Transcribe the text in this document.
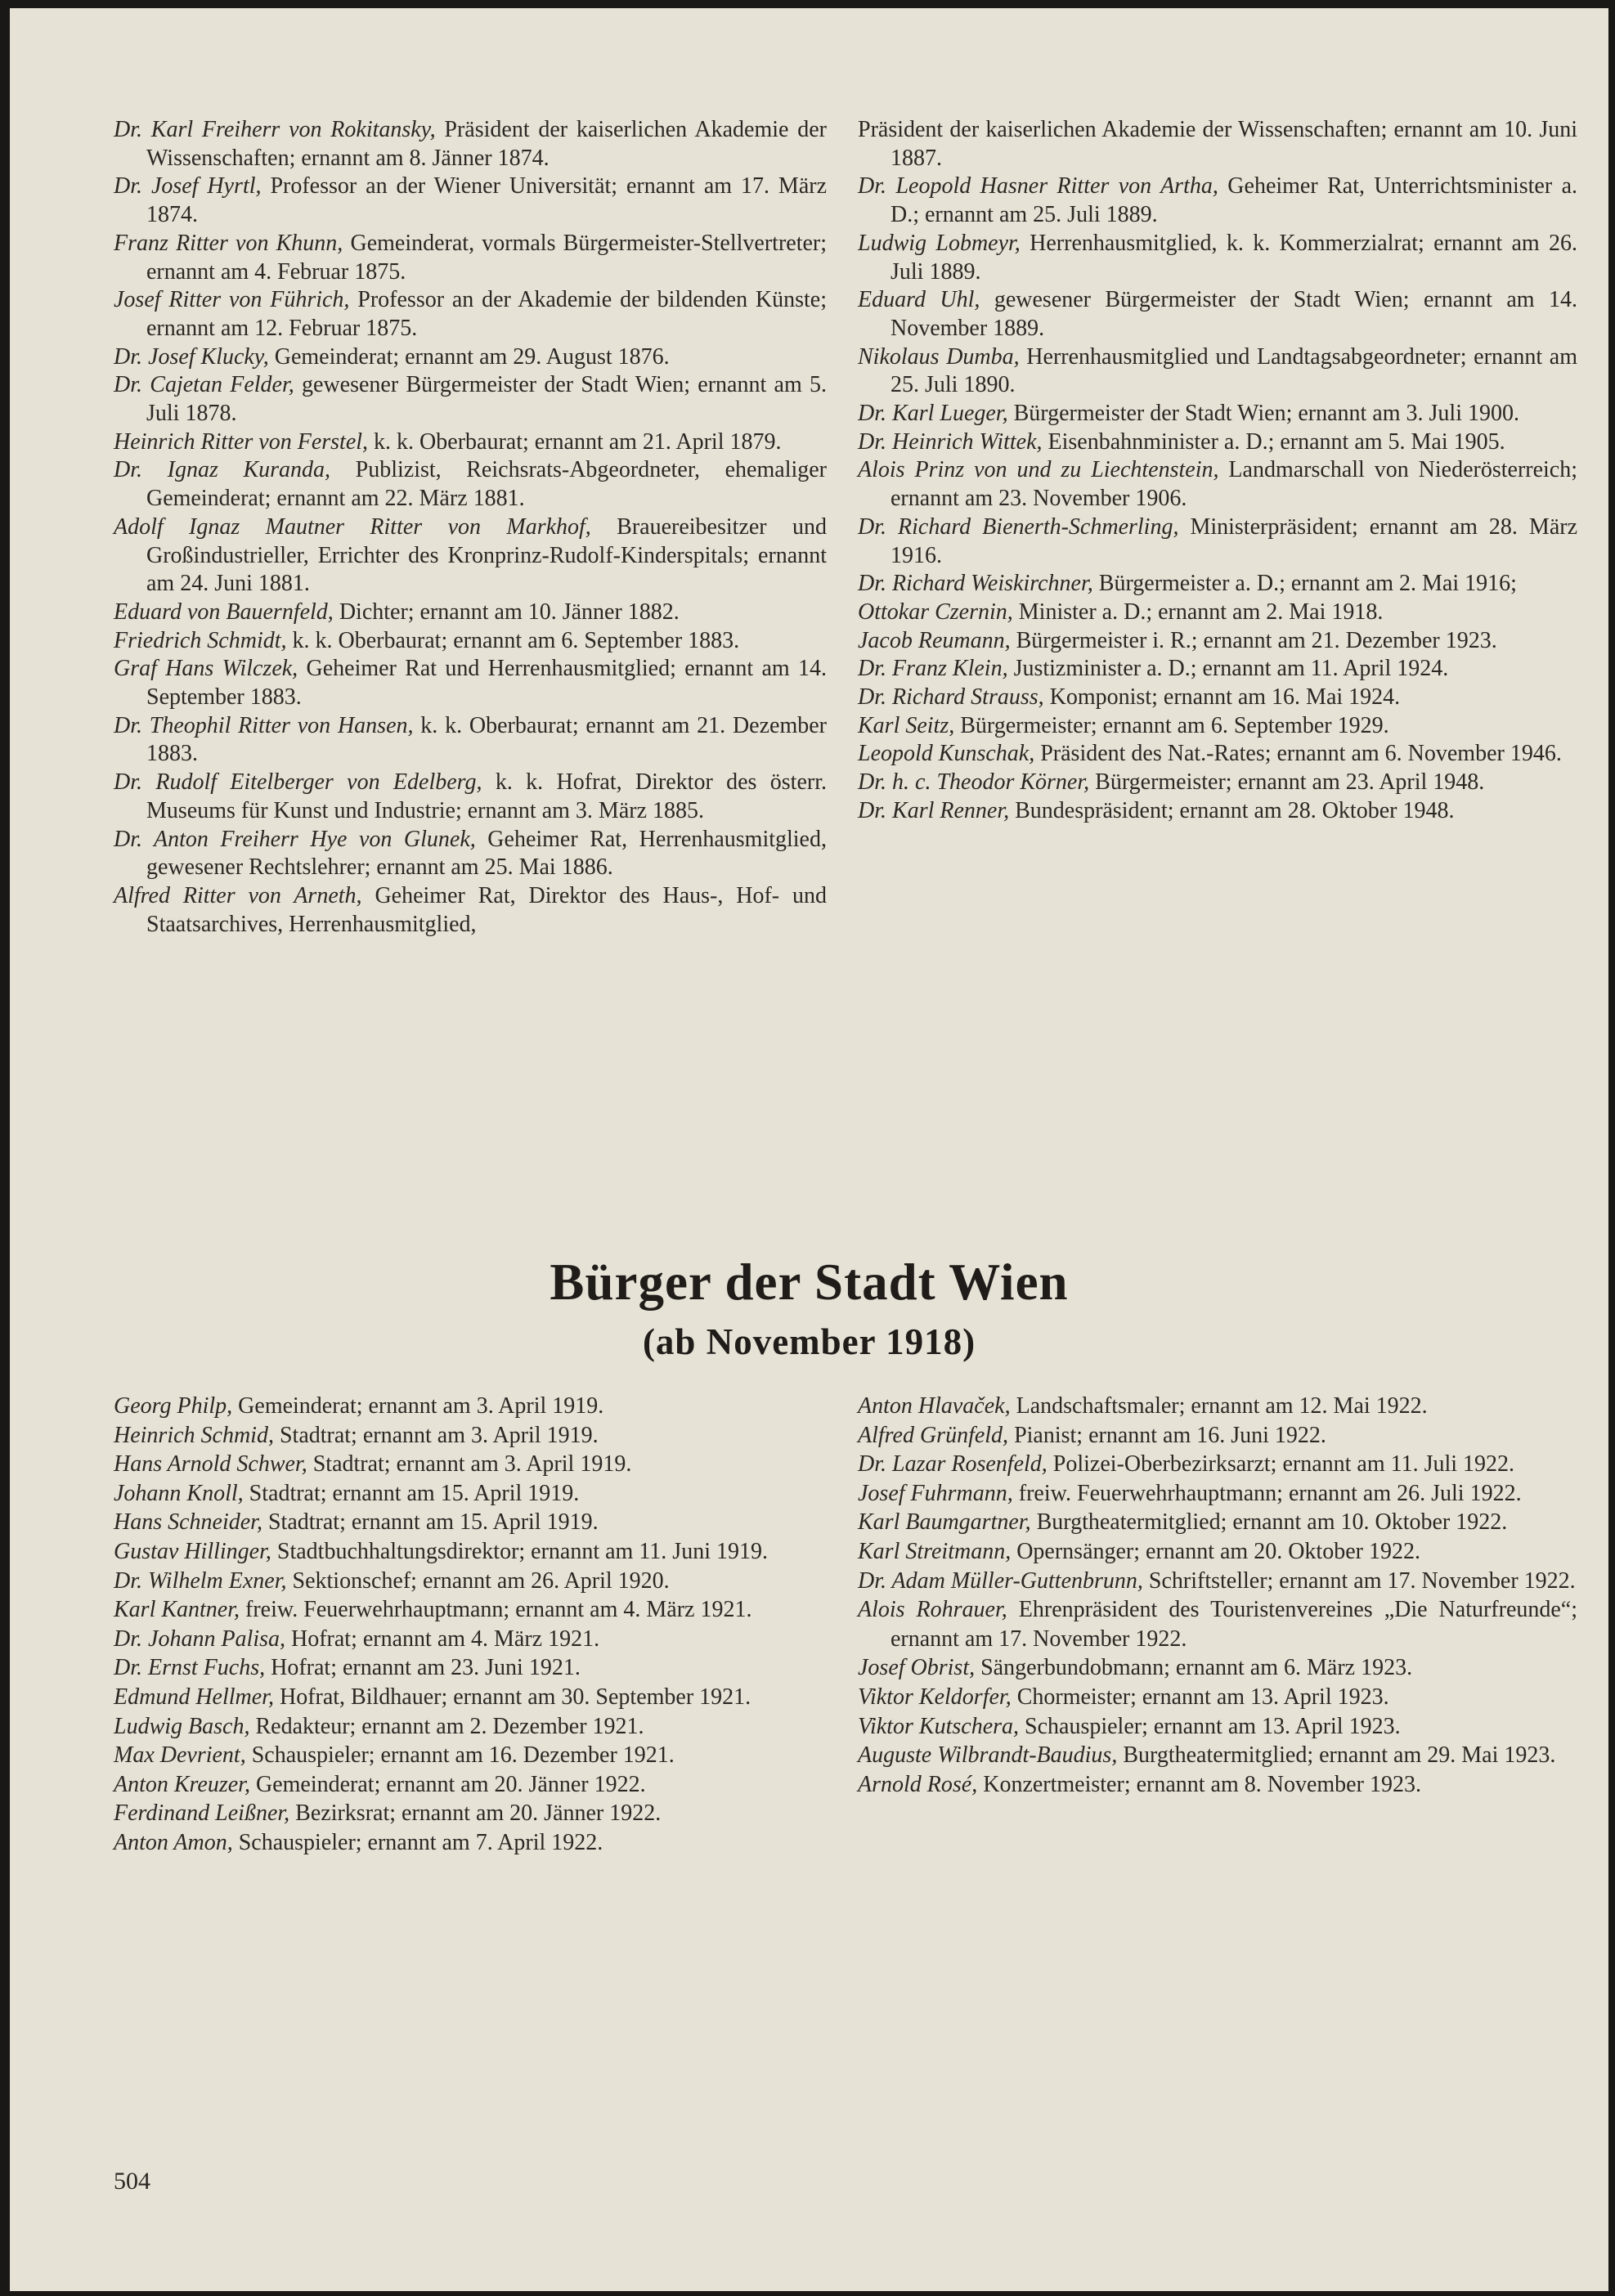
Dr. Karl Freiherr von Rokitansky, Präsident der kaiserlichen Akademie der Wissenschaften; ernannt am 8. Jänner 1874.
Dr. Josef Hyrtl, Professor an der Wiener Universität; ernannt am 17. März 1874.
Franz Ritter von Khunn, Gemeinderat, vormals Bürgermeister-Stellvertreter; ernannt am 4. Februar 1875.
Josef Ritter von Führich, Professor an der Akademie der bildenden Künste; ernannt am 12. Februar 1875.
Dr. Josef Klucky, Gemeinderat; ernannt am 29. August 1876.
Dr. Cajetan Felder, gewesener Bürgermeister der Stadt Wien; ernannt am 5. Juli 1878.
Heinrich Ritter von Ferstel, k. k. Oberbaurat; ernannt am 21. April 1879.
Dr. Ignaz Kuranda, Publizist, Reichsrats-Abgeordneter, ehemaliger Gemeinderat; ernannt am 22. März 1881.
Adolf Ignaz Mautner Ritter von Markhof, Brauereibesitzer und Großindustrieller, Errichter des Kronprinz-Rudolf-Kinderspitals; ernannt am 24. Juni 1881.
Eduard von Bauernfeld, Dichter; ernannt am 10. Jänner 1882.
Friedrich Schmidt, k. k. Oberbaurat; ernannt am 6. September 1883.
Graf Hans Wilczek, Geheimer Rat und Herrenhausmitglied; ernannt am 14. September 1883.
Dr. Theophil Ritter von Hansen, k. k. Oberbaurat; ernannt am 21. Dezember 1883.
Dr. Rudolf Eitelberger von Edelberg, k. k. Hofrat, Direktor des österr. Museums für Kunst und Industrie; ernannt am 3. März 1885.
Dr. Anton Freiherr Hye von Glunek, Geheimer Rat, Herrenhausmitglied, gewesener Rechtslehrer; ernannt am 25. Mai 1886.
Alfred Ritter von Arneth, Geheimer Rat, Direktor des Haus-, Hof- und Staatsarchives, Herrenhausmitglied,
Präsident der kaiserlichen Akademie der Wissenschaften; ernannt am 10. Juni 1887.
Dr. Leopold Hasner Ritter von Artha, Geheimer Rat, Unterrichtsminister a. D.; ernannt am 25. Juli 1889.
Ludwig Lobmeyr, Herrenhausmitglied, k. k. Kommerzialrat; ernannt am 26. Juli 1889.
Eduard Uhl, gewesener Bürgermeister der Stadt Wien; ernannt am 14. November 1889.
Nikolaus Dumba, Herrenhausmitglied und Landtagsabgeordneter; ernannt am 25. Juli 1890.
Dr. Karl Lueger, Bürgermeister der Stadt Wien; ernannt am 3. Juli 1900.
Dr. Heinrich Wittek, Eisenbahnminister a. D.; ernannt am 5. Mai 1905.
Alois Prinz von und zu Liechtenstein, Landmarschall von Niederösterreich; ernannt am 23. November 1906.
Dr. Richard Bienerth-Schmerling, Ministerpräsident; ernannt am 28. März 1916.
Dr. Richard Weiskirchner, Bürgermeister a. D.; ernannt am 2. Mai 1916;
Ottokar Czernin, Minister a. D.; ernannt am 2. Mai 1918.
Jacob Reumann, Bürgermeister i. R.; ernannt am 21. Dezember 1923.
Dr. Franz Klein, Justizminister a. D.; ernannt am 11. April 1924.
Dr. Richard Strauss, Komponist; ernannt am 16. Mai 1924.
Karl Seitz, Bürgermeister; ernannt am 6. September 1929.
Leopold Kunschak, Präsident des Nat.-Rates; ernannt am 6. November 1946.
Dr. h. c. Theodor Körner, Bürgermeister; ernannt am 23. April 1948.
Dr. Karl Renner, Bundespräsident; ernannt am 28. Oktober 1948.
Bürger der Stadt Wien
(ab November 1918)
Georg Philp, Gemeinderat; ernannt am 3. April 1919.
Heinrich Schmid, Stadtrat; ernannt am 3. April 1919.
Hans Arnold Schwer, Stadtrat; ernannt am 3. April 1919.
Johann Knoll, Stadtrat; ernannt am 15. April 1919.
Hans Schneider, Stadtrat; ernannt am 15. April 1919.
Gustav Hillinger, Stadtbuchhaltungsdirektor; ernannt am 11. Juni 1919.
Dr. Wilhelm Exner, Sektionschef; ernannt am 26. April 1920.
Karl Kantner, freiw. Feuerwehrhauptmann; ernannt am 4. März 1921.
Dr. Johann Palisa, Hofrat; ernannt am 4. März 1921.
Dr. Ernst Fuchs, Hofrat; ernannt am 23. Juni 1921.
Edmund Hellmer, Hofrat, Bildhauer; ernannt am 30. September 1921.
Ludwig Basch, Redakteur; ernannt am 2. Dezember 1921.
Max Devrient, Schauspieler; ernannt am 16. Dezember 1921.
Anton Kreuzer, Gemeinderat; ernannt am 20. Jänner 1922.
Ferdinand Leißner, Bezirksrat; ernannt am 20. Jänner 1922.
Anton Amon, Schauspieler; ernannt am 7. April 1922.
Anton Hlavaček, Landschaftsmaler; ernannt am 12. Mai 1922.
Alfred Grünfeld, Pianist; ernannt am 16. Juni 1922.
Dr. Lazar Rosenfeld, Polizei-Oberbezirksarzt; ernannt am 11. Juli 1922.
Josef Fuhrmann, freiw. Feuerwehrhauptmann; ernannt am 26. Juli 1922.
Karl Baumgartner, Burgtheatermitglied; ernannt am 10. Oktober 1922.
Karl Streitmann, Opernsänger; ernannt am 20. Oktober 1922.
Dr. Adam Müller-Guttenbrunn, Schriftsteller; ernannt am 17. November 1922.
Alois Rohrauer, Ehrenpräsident des Touristenvereines „Die Naturfreunde“; ernannt am 17. November 1922.
Josef Obrist, Sängerbundobmann; ernannt am 6. März 1923.
Viktor Keldorfer, Chormeister; ernannt am 13. April 1923.
Viktor Kutschera, Schauspieler; ernannt am 13. April 1923.
Auguste Wilbrandt-Baudius, Burgtheatermitglied; ernannt am 29. Mai 1923.
Arnold Rosé, Konzertmeister; ernannt am 8. November 1923.
504
